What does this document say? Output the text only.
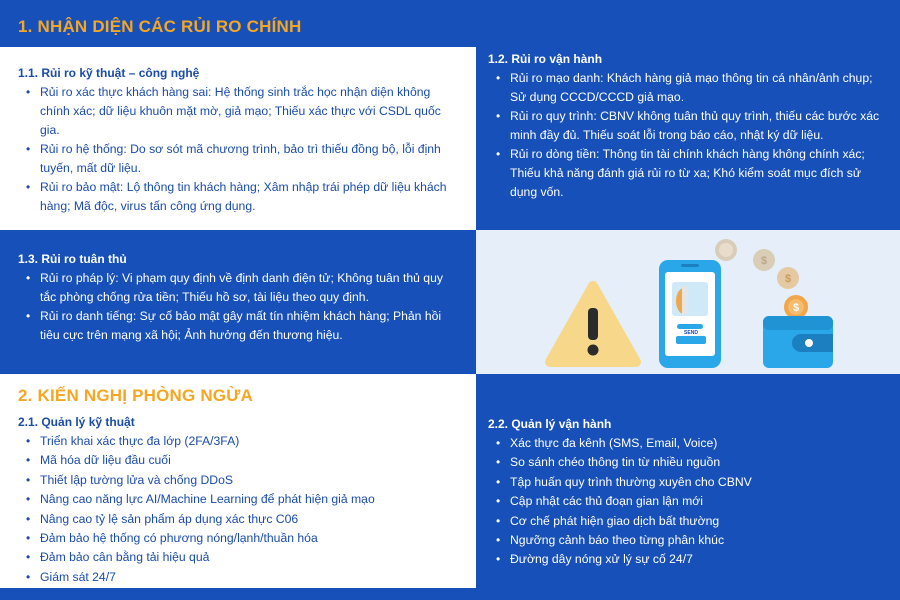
1. NHẬN DIỆN CÁC RỦI RO CHÍNH
1.1. Rủi ro kỹ thuật – công nghệ
• Rủi ro xác thực khách hàng sai: Hệ thống sinh trắc học nhận diện không chính xác; dữ liệu khuôn mặt mờ, giả mạo; Thiếu xác thực với CSDL quốc gia.
• Rủi ro hệ thống: Do sơ sót mã chương trình, bảo trì thiếu đồng bộ, lỗi định tuyến, mất dữ liệu.
• Rủi ro bảo mật: Lộ thông tin khách hàng; Xâm nhập trái phép dữ liệu khách hàng; Mã độc, virus tấn công ứng dụng.
1.2. Rủi ro vận hành
• Rủi ro mạo danh: Khách hàng giả mạo thông tin cá nhân/ảnh chụp; Sử dụng CCCD/CCCD giả mạo.
• Rủi ro quy trình: CBNV không tuân thủ quy trình, thiếu các bước xác minh đầy đủ. Thiếu soát lỗi trong báo cáo, nhật ký dữ liệu.
• Rủi ro dòng tiền: Thông tin tài chính khách hàng không chính xác; Thiếu khả năng đánh giá rủi ro từ xa; Khó kiểm soát mục đích sử dụng vốn.
1.3. Rủi ro tuân thủ
• Rủi ro pháp lý: Vi phạm quy định về định danh điện tử; Không tuân thủ quy tắc phòng chống rửa tiền; Thiếu hồ sơ, tài liệu theo quy định.
• Rủi ro danh tiếng: Sự cố bảo mật gây mất tín nhiệm khách hàng; Phản hồi tiêu cực trên mạng xã hội; Ảnh hưởng đến thương hiệu.	SEND
$
$
$
2. KIẾN NGHỊ PHÒNG NGỪA
2.1. Quản lý kỹ thuật
• Triển khai xác thực đa lớp (2FA/3FA)
• Mã hóa dữ liệu đầu cuối
• Thiết lập tường lửa và chống DDoS
• Nâng cao năng lực AI/Machine Learning để phát hiện giả mạo
• Nâng cao tỷ lệ sản phẩm áp dụng xác thực C06
• Đảm bảo hệ thống có phương nóng/lạnh/thuần hóa
• Đảm bảo cân bằng tải hiệu quả
• Giám sát 24/7
2.2. Quản lý vận hành
• Xác thực đa kênh (SMS, Email, Voice)
• So sánh chéo thông tin từ nhiều nguồn
• Tập huấn quy trình thường xuyên cho CBNV
• Cập nhật các thủ đoạn gian lận mới
• Cơ chế phát hiện giao dịch bất thường
• Ngưỡng cảnh báo theo từng phân khúc
• Đường dây nóng xử lý sự cố 24/7
